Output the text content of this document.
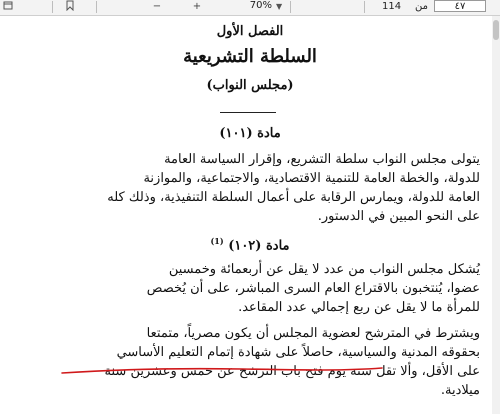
−	+	70% ▼	114 من	٤٧
الفصل الأول
السلطة التشريعية
(مجلس النواب)
مادة (١٠١)
يتولى مجلس النواب سلطة التشريع، وإقرار السياسة العامة
للدولة، والخطة العامة للتنمية الاقتصادية، والاجتماعية، والموازنة
العامة للدولة، ويمارس الرقابة على أعمال السلطة التنفيذية، وذلك كله
على النحو المبين في الدستور.
مادة (١٠٢) $^{(1)}$
يُشكل مجلس النواب من عدد لا يقل عن أربعمائة وخمسين
عضوا، يُنتخبون بالاقتراع العام السرى المباشر، على أن يُخصص
للمرأة ما لا يقل عن ربع إجمالي عدد المقاعد.
ويشترط في المترشح لعضوية المجلس أن يكون مصرياً، متمتعا
بحقوقه المدنية والسياسية، حاصلاً على شهادة إتمام التعليم الأساسي
على الأقل، وألا تقل سنه يوم فتح باب الترشح عن خمس وعشرين سنة
ميلادية.
